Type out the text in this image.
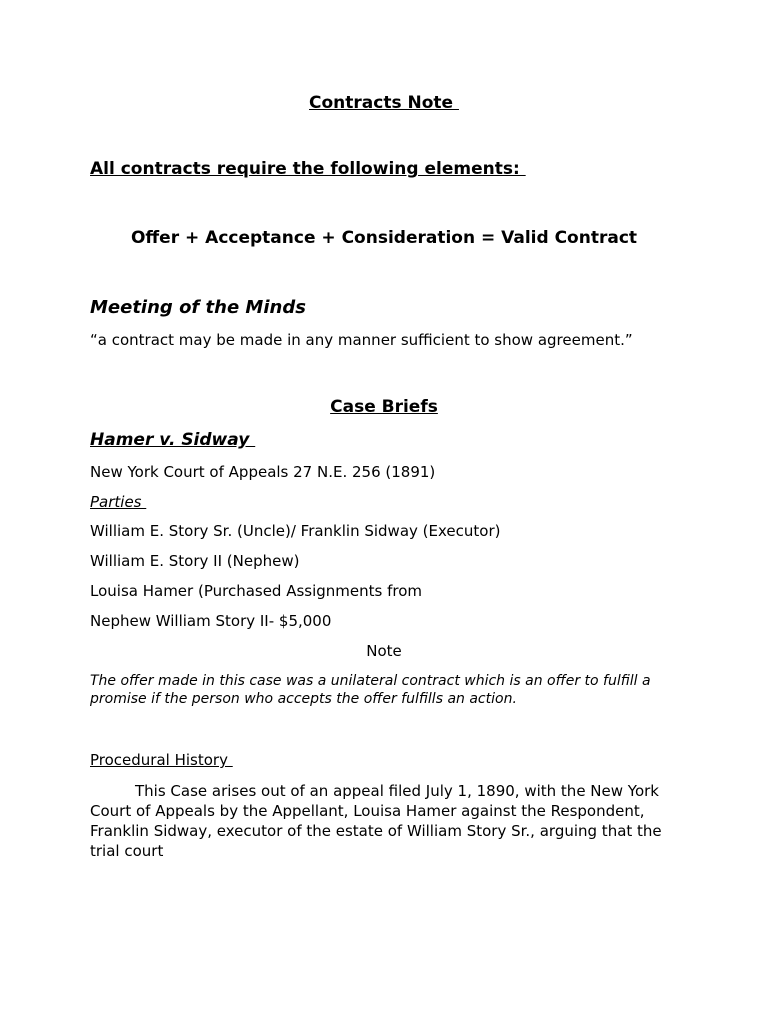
Contracts Note
All contracts require the following elements:
Offer + Acceptance + Consideration = Valid Contract
Meeting of the Minds
“a contract may be made in any manner sufficient to show agreement.”
Case Briefs
Hamer v. Sidway
New York Court of Appeals 27 N.E. 256 (1891)
Parties
William E. Story Sr. (Uncle)/ Franklin Sidway (Executor)
William E. Story II (Nephew)
Louisa Hamer (Purchased Assignments from
Nephew William Story II- $5,000
Note
The offer made in this case was a unilateral contract which is an offer to fulfill a promise if the person who accepts the offer fulfills an action.
Procedural History
This Case arises out of an appeal filed July 1, 1890, with the New York Court of Appeals by the Appellant, Louisa Hamer against the Respondent, Franklin Sidway, executor of the estate of William Story Sr., arguing that the trial court
